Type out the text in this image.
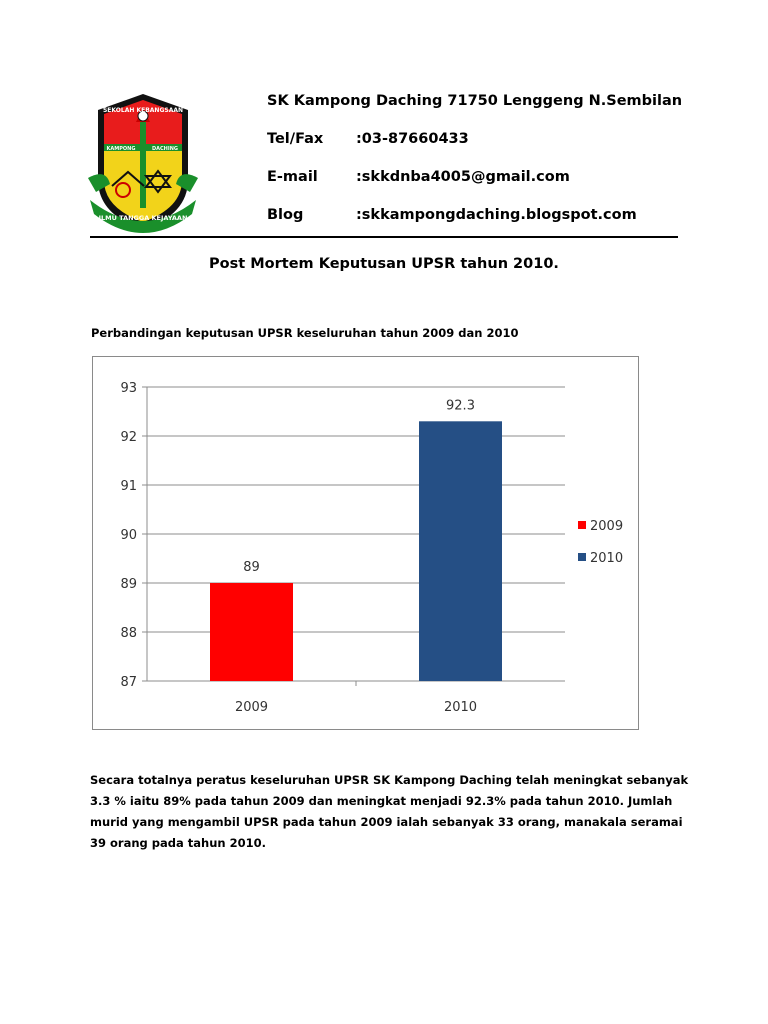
SEKOLAH KEBANGSAAN
KAMPONG	DACHING
ILMU TANGGA KEJAYAAN
SK Kampong Daching 71750 Lenggeng N.Sembilan
Tel/Fax :03-87660433
E-mail	:skkdnba4005@gmail.com
Blog	:skkampongdaching.blogspot.com
Post Mortem Keputusan UPSR tahun 2010.
Perbandingan keputusan UPSR keseluruhan tahun 2009 dan 2010
87
88
89
90
91
92
93
89
2009
92.3
2010
2009
2010
Secara totalnya peratus keseluruhan UPSR SK Kampong Daching telah meningkat sebanyak 3.3 % iaitu 89% pada tahun 2009 dan meningkat menjadi 92.3% pada tahun 2010. Jumlah murid yang mengambil UPSR pada tahun 2009 ialah sebanyak 33 orang, manakala seramai 39 orang pada tahun 2010.
